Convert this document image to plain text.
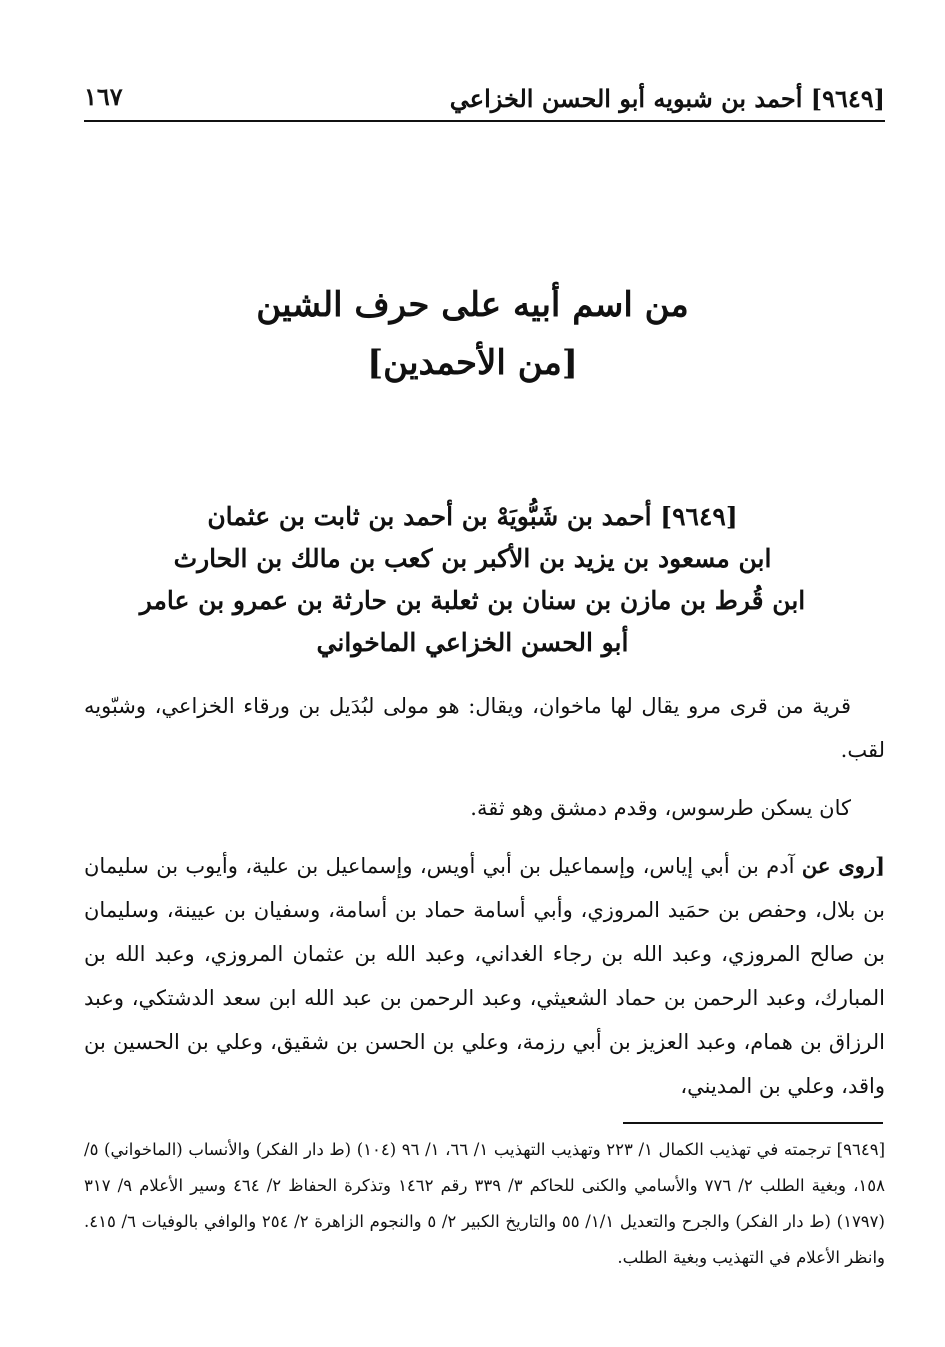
[٩٦٤٩] أحمد بن شبويه أبو الحسن الخزاعي
١٦٧
من اسم أبيه على حرف الشين
[من الأحمدين]
[٩٦٤٩] أحمد بن شَبُّويَهْ بن أحمد بن ثابت بن عثمان
ابن مسعود بن يزيد بن الأكبر بن كعب بن مالك بن الحارث
ابن قُرط بن مازن بن سنان بن ثعلبة بن حارثة بن عمرو بن عامر
أبو الحسن الخزاعي الماخواني

قرية من قرى مرو يقال لها ماخوان، ويقال: هو مولى لبُدَيل بن ورقاء الخزاعي، وشبّويه لقب.

كان يسكن طرسوس، وقدم دمشق وهو ثقة.

[روى عن آدم بن أبي إياس، وإسماعيل بن أبي أويس، وإسماعيل بن علية، وأيوب بن سليمان بن بلال، وحفص بن حمَيد المروزي، وأبي أسامة حماد بن أسامة، وسفيان بن عيينة، وسليمان بن صالح المروزي، وعبد الله بن رجاء الغداني، وعبد الله بن عثمان المروزي، وعبد الله بن المبارك، وعبد الرحمن بن حماد الشعيثي، وعبد الرحمن بن عبد الله ابن سعد الدشتكي، وعبد الرزاق بن همام، وعبد العزيز بن أبي رزمة، وعلي بن الحسن بن شقيق، وعلي بن الحسين بن واقد، وعلي بن المديني،

[٩٦٤٩] ترجمته في تهذيب الكمال ١/ ٢٢٣ وتهذيب التهذيب ١/ ٦٦، ١/ ٩٦ (١٠٤) (ط دار الفكر) والأنساب (الماخواني) ٥/ ١٥٨، وبغية الطلب ٢/ ٧٧٦ والأسامي والكنى للحاكم ٣/ ٣٣٩ رقم ١٤٦٢ وتذكرة الحفاظ ٢/ ٤٦٤ وسير الأعلام ٩/ ٣١٧ (١٧٩٧) (ط دار الفكر) والجرح والتعديل ١/١/ ٥٥ والتاريخ الكبير ٢/ ٥ والنجوم الزاهرة ٢/ ٢٥٤ والوافي بالوفيات ٦/ ٤١٥. وانظر الأعلام في التهذيب وبغية الطلب.
